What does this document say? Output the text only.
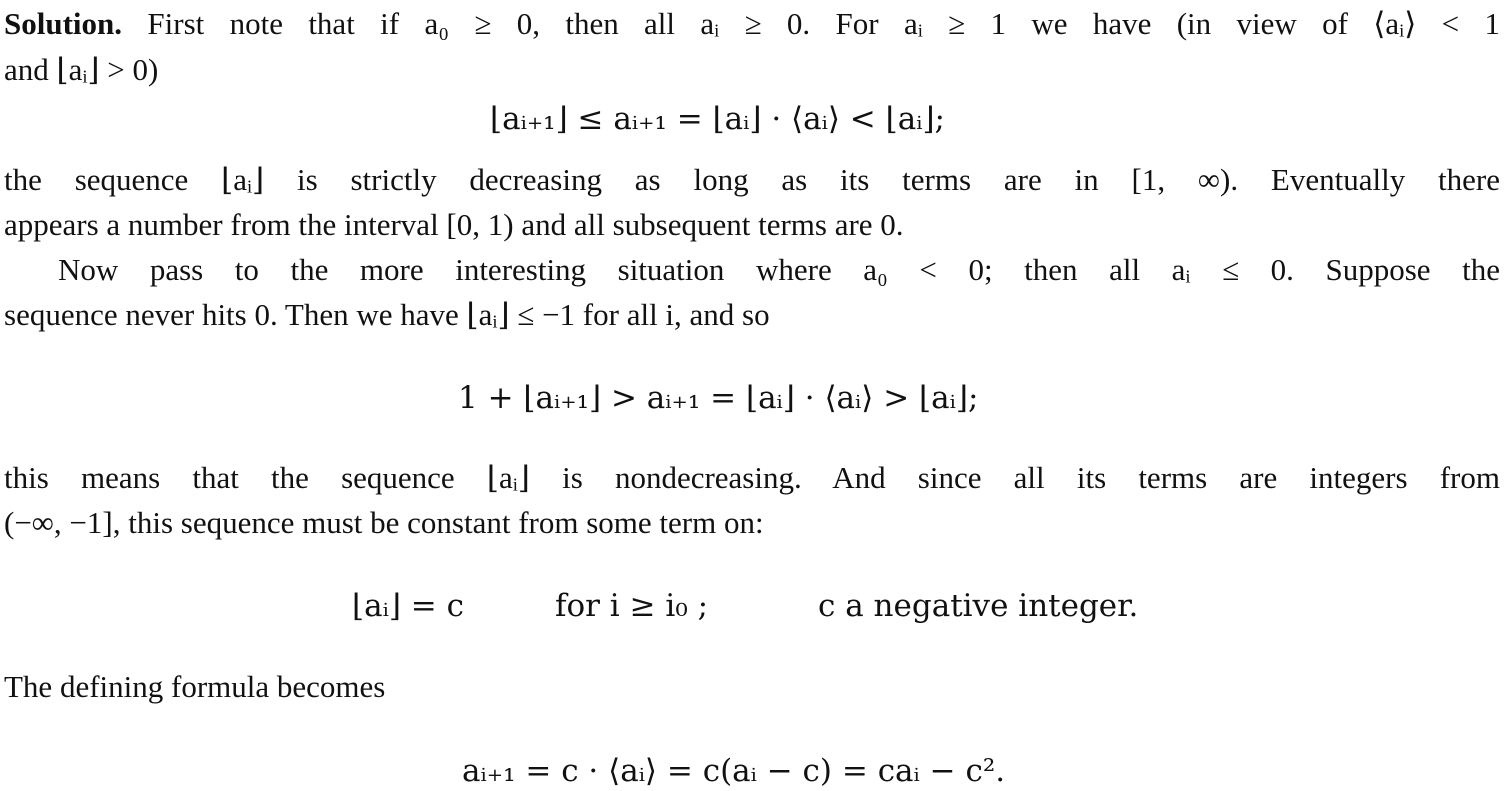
Solution. First note that if a₀ ≥ 0, then all aᵢ ≥ 0. For aᵢ ≥ 1 we have (in view of ⟨aᵢ⟩ < 1
and ⌊aᵢ⌋ > 0)
⌊aᵢ₊₁⌋ ≤ aᵢ₊₁ = ⌊aᵢ⌋ · ⟨aᵢ⟩ < ⌊aᵢ⌋;
the sequence ⌊aᵢ⌋ is strictly decreasing as long as its terms are in [1, ∞). Eventually there
appears a number from the interval [0, 1) and all subsequent terms are 0.
Now pass to the more interesting situation where a₀ < 0; then all aᵢ ≤ 0. Suppose the
sequence never hits 0. Then we have ⌊aᵢ⌋ ≤ −1 for all i, and so
1 + ⌊aᵢ₊₁⌋ > aᵢ₊₁ = ⌊aᵢ⌋ · ⟨aᵢ⟩ > ⌊aᵢ⌋;
this means that the sequence ⌊aᵢ⌋ is nondecreasing. And since all its terms are integers from
(−∞, −1], this sequence must be constant from some term on:
⌊aᵢ⌋ = c	for i ≥ i₀ ;	c a negative integer.
The defining formula becomes
aᵢ₊₁ = c · ⟨aᵢ⟩ = c(aᵢ − c) = caᵢ − c².
